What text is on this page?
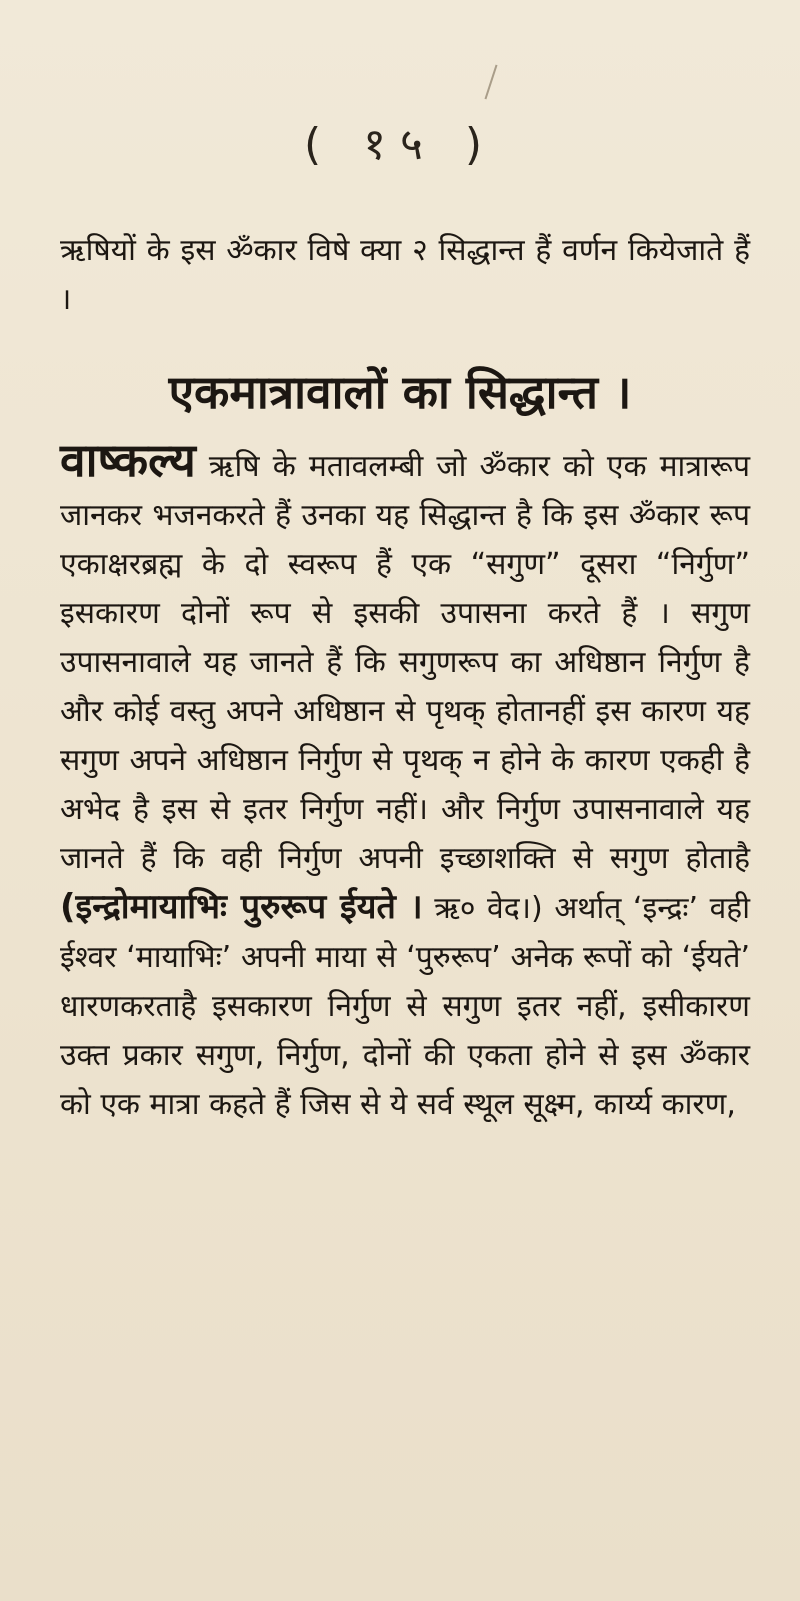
( १५ )
ऋषियों के इस ॐकार विषे क्या २ सिद्धान्त हैं वर्णन कियेजाते हैं ।
एकमात्रावालों का सिद्धान्त ।
वाष्कल्य ऋषि के मतावलम्बी जो ॐकार को एक मात्रारूप जानकर भजनकरते हैं उनका यह सिद्धान्त है कि इस ॐकार रूप एकाक्षरब्रह्म के दो स्वरूप हैं एक “सगुण” दूसरा “निर्गुण” इसकारण दोनों रूप से इसकी उपासना करते हैं । सगुण उपासनावाले यह जानते हैं कि सगुणरूप का अधिष्ठान निर्गुण है और कोई वस्तु अपने अधिष्ठान से पृथक् होतानहीं इस कारण यह सगुण अपने अधिष्ठान निर्गुण से पृथक् न होने के कारण एकही है अभेद है इस से इतर निर्गुण नहीं। और निर्गुण उपासनावाले यह जानते हैं कि वही निर्गुण अपनी इच्छाशक्ति से सगुण होताहै (इन्द्रोमायाभिः पुरुरूप ईयते । ऋ० वेद।) अर्थात् ‘इन्द्रः’ वही ईश्वर ‘मायाभिः’ अपनी माया से ‘पुरुरूप’ अनेक रूपों को ‘ईयते’ धारणकरताहै इसकारण निर्गुण से सगुण इतर नहीं, इसीकारण उक्त प्रकार सगुण, निर्गुण, दोनों की एकता होने से इस ॐकार को एक मात्रा कहते हैं जिस से ये सर्व स्थूल सूक्ष्म, कार्य्य कारण,
